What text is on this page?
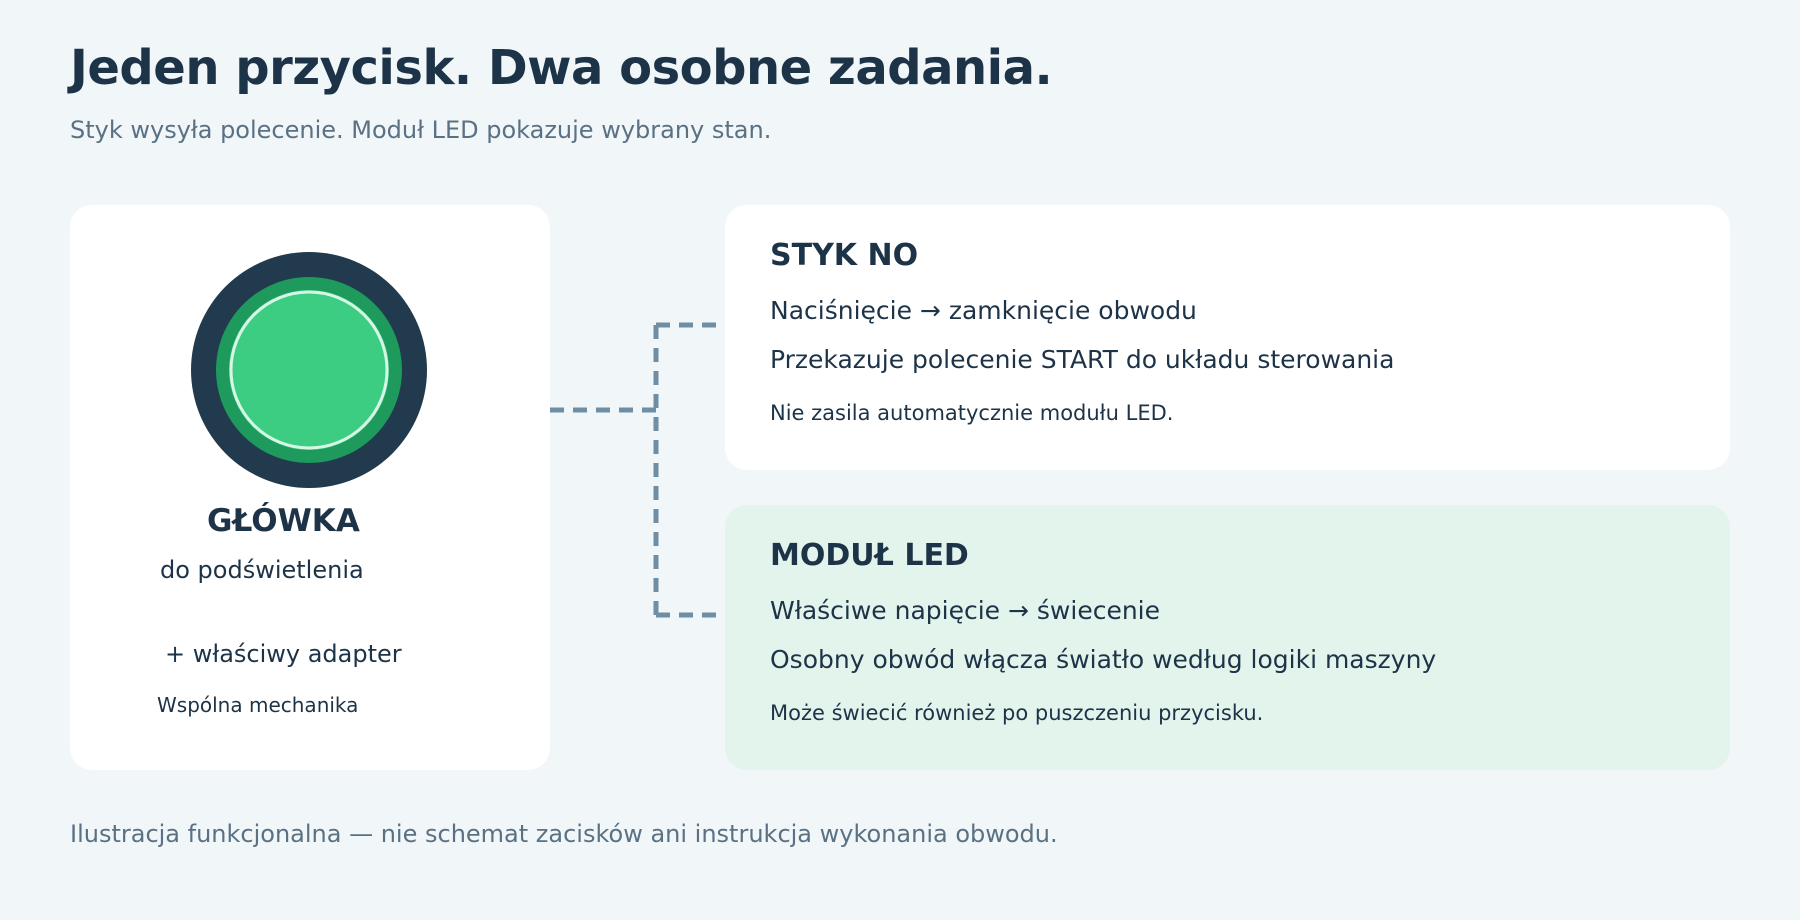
Jeden przycisk. Dwa osobne zadania.

Styk wysyła polecenie. Moduł LED pokazuje wybrany stan.

GŁÓWKA
do podświetlenia
+ właściwy adapter
Wspólna mechanika
STYK NO
Naciśnięcie → zamknięcie obwodu
Przekazuje polecenie START do układu sterowania
Nie zasila automatycznie modułu LED.
MODUŁ LED
Właściwe napięcie → świecenie
Osobny obwód włącza światło według logiki maszyny
Może świecić również po puszczeniu przycisku.

Ilustracja funkcjonalna — nie schemat zacisków ani instrukcja wykonania obwodu.
